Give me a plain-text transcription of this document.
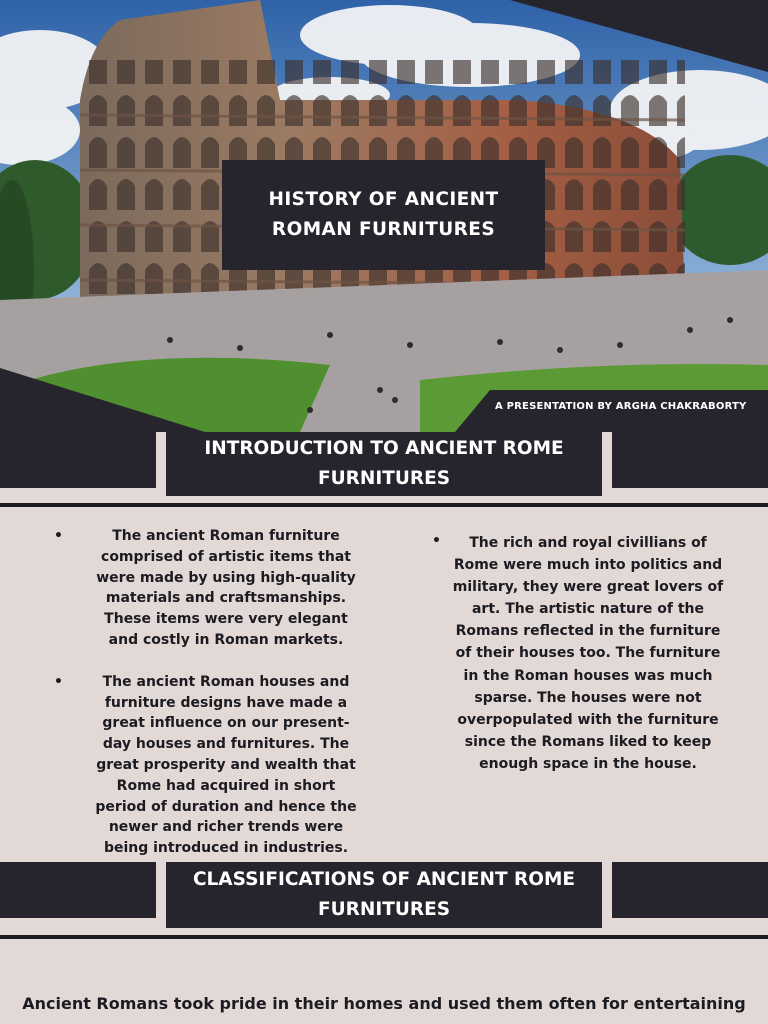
HISTORY OF ANCIENT ROMAN FURNITURES
A PRESENTATION BY ARGHA CHAKRABORTY
INTRODUCTION TO ANCIENT ROME FURNITURES
•	The ancient Roman furniture comprised of artistic items that were made by using high-quality materials and craftsmanships. These items were very elegant and costly in Roman markets.
•	The ancient Roman houses and furniture designs have made a great influence on our present-day houses and furnitures. The great prosperity and wealth that Rome had acquired in short period of duration and hence the newer and richer trends were being introduced in industries.
• The rich and royal civillians of Rome were much into politics and military, they were great lovers of art. The artistic nature of the Romans reflected in the furniture of their houses too. The furniture in the Roman houses was much sparse. The houses were not overpopulated with the furniture since the Romans liked to keep enough space in the house.
CLASSIFICATIONS OF ANCIENT ROME FURNITURES
Ancient Romans took pride in their homes and used them often for entertaining
